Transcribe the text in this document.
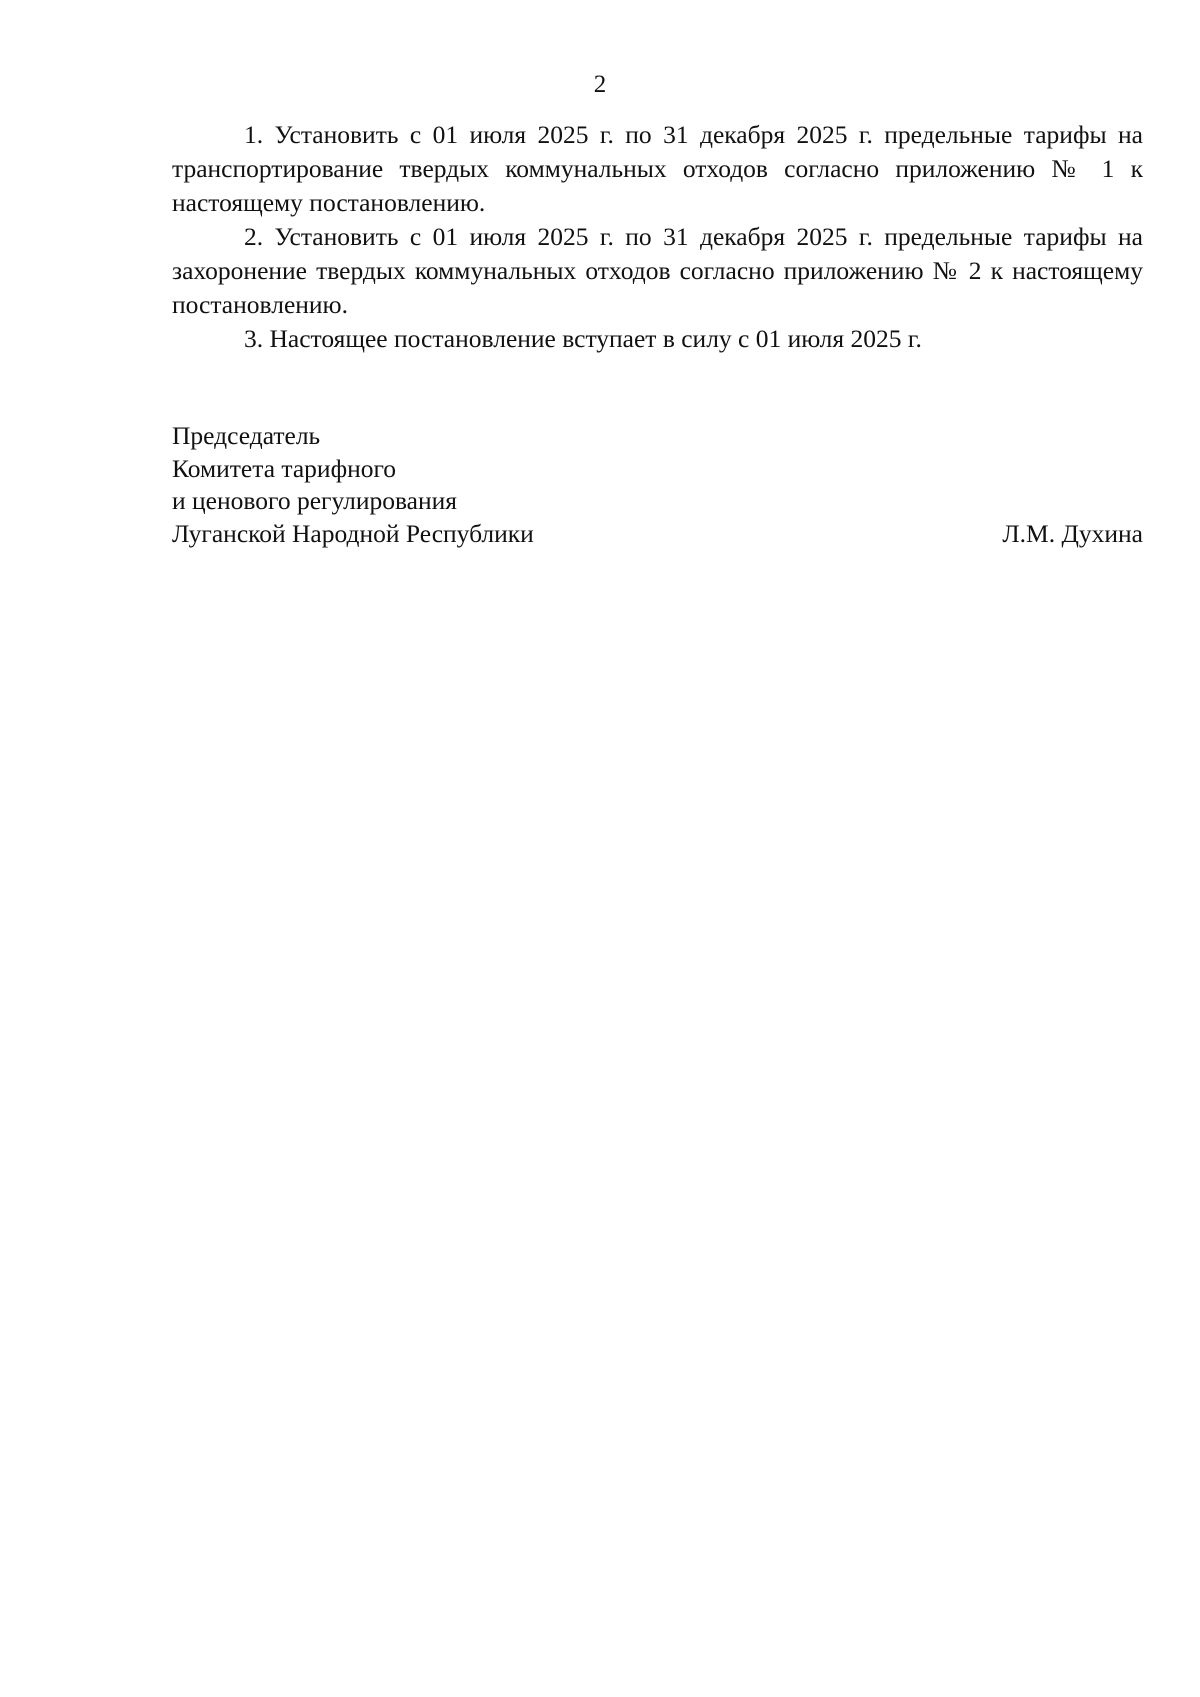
2

1. Установить с 01 июля 2025 г. по 31 декабря 2025 г. предельные тарифы на транспортирование твердых коммунальных отходов согласно приложению № 1 к настоящему постановлению.

2. Установить с 01 июля 2025 г. по 31 декабря 2025 г. предельные тарифы на захоронение твердых коммунальных отходов согласно приложению № 2 к настоящему постановлению.

3. Настоящее постановление вступает в силу с 01 июля 2025 г.

Председатель
Комитета тарифного
и ценового регулирования
Луганской Народной Республики	Л.М. Духина
